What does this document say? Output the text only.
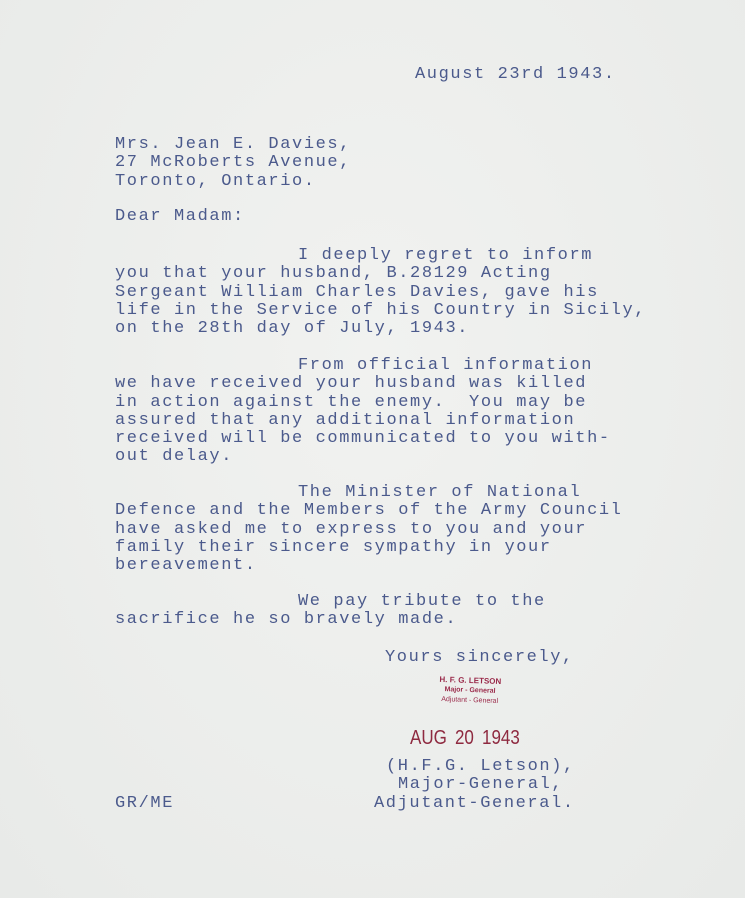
August 23rd 1943.
Mrs. Jean E. Davies,
27 McRoberts Avenue,
Toronto, Ontario.
Dear Madam:
I deeply regret to inform
you that your husband, B.28129 Acting
Sergeant William Charles Davies, gave his
life in the Service of his Country in Sicily,
on the 28th day of July, 1943.
From official information
we have received your husband was killed
in action against the enemy.  You may be
assured that any additional information
received will be communicated to you with-
out delay.
The Minister of National
Defence and the Members of the Army Council
have asked me to express to you and your
family their sincere sympathy in your
bereavement.
We pay tribute to the
sacrifice he so bravely made.
Yours sincerely,
H. F. G. LETSON
Major - General
Adjutant - General
AUG 20 1943
(H.F.G. Letson),
Major-General,
Adjutant-General.
GR/ME
